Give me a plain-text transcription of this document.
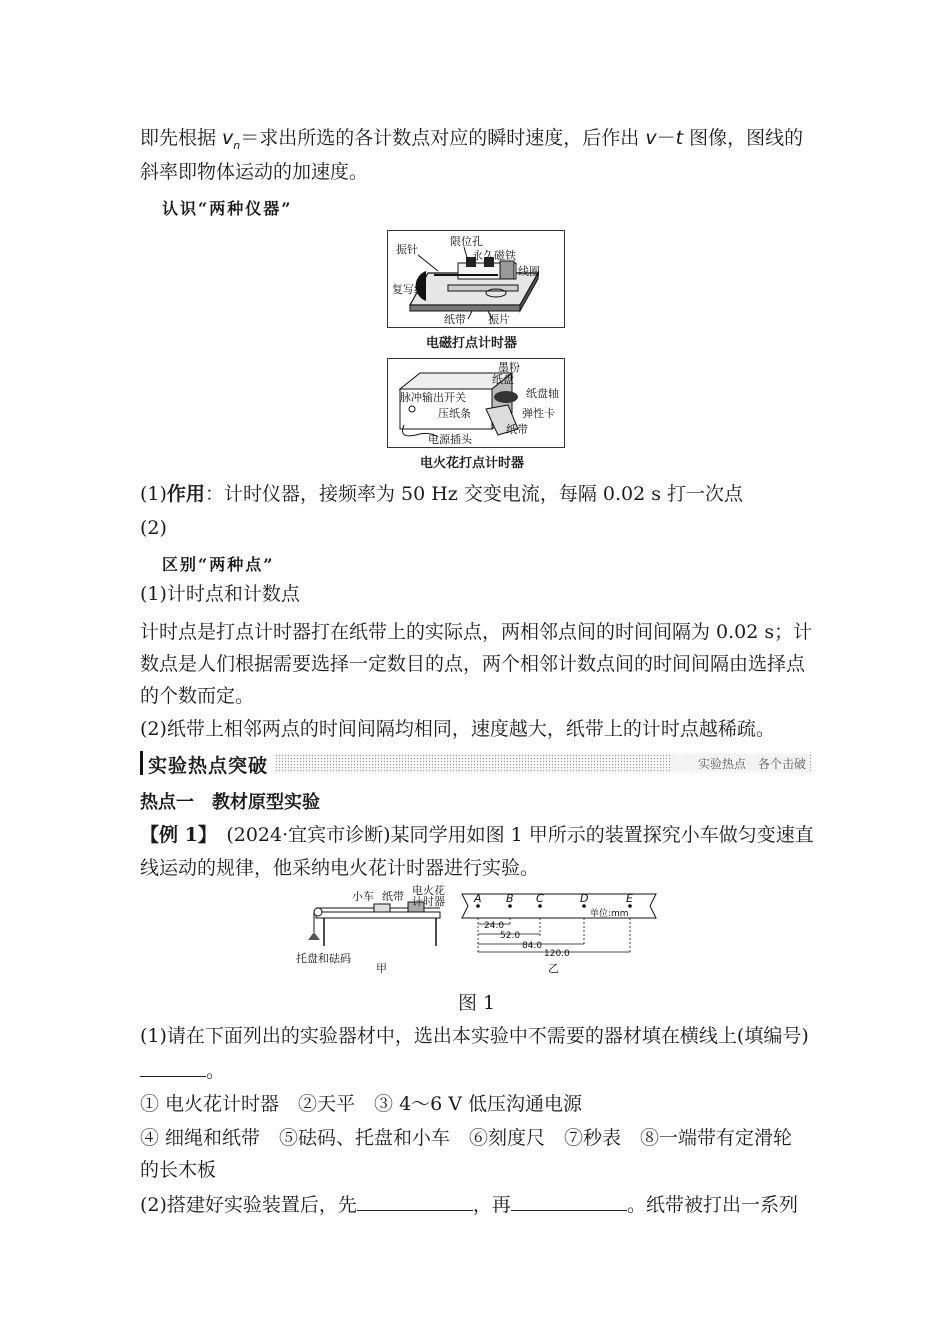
即先根据 $v_n=$求出所选的各计数点对应的瞬时速度，后作出 v－t 图像，图线的
斜率即物体运动的加速度。
认识“两种仪器”
振针
限位孔
永久磁铁
线圈
复写纸
纸带 振片
电磁打点计时器
墨粉
纸盘
纸盘轴
脉冲输出开关
压纸条	弹性卡
纸带
电源插头
电火花打点计时器
(1)作用：计时仪器，接频率为 50 Hz 交变电流，每隔 0.02 s 打一次点
(2)
区别“两种点”
(1)计时点和计数点
计时点是打点计时器打在纸带上的实际点，两相邻点间的时间间隔为 0.02 s；计
数点是人们根据需要选择一定数目的点，两个相邻计数点间的时间间隔由选择点
的个数而定。
(2)纸带上相邻两点的时间间隔均相同，速度越大，纸带上的计时点越稀疏。
实验热点突破	实验热点　各个击破
热点一　教材原型实验
【例 1】　(2024·宜宾市诊断)某同学用如图 1 甲所示的装置探究小车做匀变速直
线运动的规律，他采纳电火花计时器进行实验。
电火花
小车 纸带
托盘和砝码
甲
A B C	D	E
单位:mm
24.0
52.0
84.0
120.0
乙
计时器
图 1
(1)请在下面列出的实验器材中，选出本实验中不需要的器材填在横线上(填编号)
。
① 电火花计时器　②天平　③ 4～6 V 低压沟通电源
④ 细绳和纸带　⑤砝码、托盘和小车　⑥刻度尺　⑦秒表　⑧一端带有定滑轮
的长木板
(2)搭建好实验装置后，先	，再	。纸带被打出一系列
